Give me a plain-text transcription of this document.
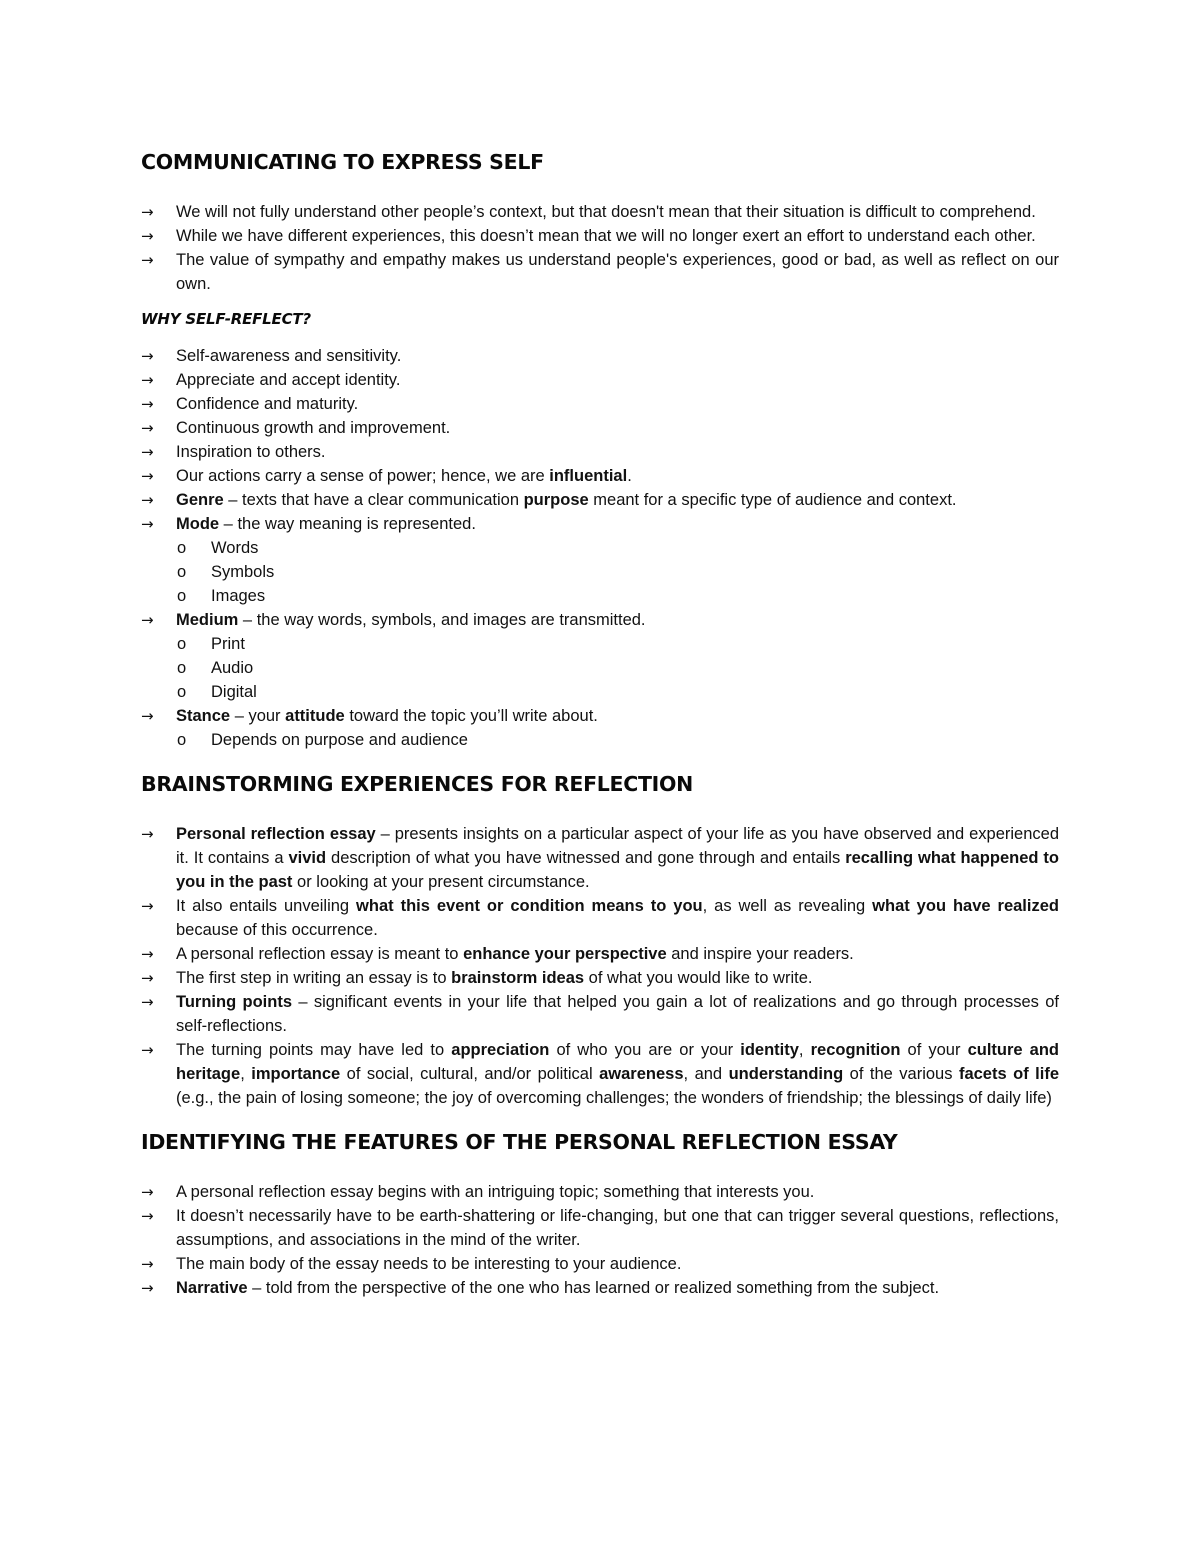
COMMUNICATING TO EXPRESS SELF
→	We will not fully understand other people’s context, but that doesn't mean that their situation is difficult to comprehend.
→	While we have different experiences, this doesn’t mean that we will no longer exert an effort to understand each other.
→	The value of sympathy and empathy makes us understand people's experiences, good or bad, as well as reflect on our own.
WHY SELF-REFLECT?
→	Self-awareness and sensitivity.
→	Appreciate and accept identity.
→	Confidence and maturity.
→	Continuous growth and improvement.
→	Inspiration to others.
→	Our actions carry a sense of power; hence, we are influential.
→	Genre – texts that have a clear communication purpose meant for a specific type of audience and context.
→	Mode – the way meaning is represented.
o Words
o Symbols
o Images
→	Medium – the way words, symbols, and images are transmitted.
o Print
o Audio
o Digital
→	Stance – your attitude toward the topic you’ll write about.
o Depends on purpose and audience
BRAINSTORMING EXPERIENCES FOR REFLECTION
→	Personal reflection essay – presents insights on a particular aspect of your life as you have observed and experienced it. It contains a vivid description of what you have witnessed and gone through and entails recalling what happened to you in the past or looking at your present circumstance.
→	It also entails unveiling what this event or condition means to you, as well as revealing what you have realized because of this occurrence.
→	A personal reflection essay is meant to enhance your perspective and inspire your readers.
→	The first step in writing an essay is to brainstorm ideas of what you would like to write.
→	Turning points – significant events in your life that helped you gain a lot of realizations and go through processes of self-reflections.
→	The turning points may have led to appreciation of who you are or your identity, recognition of your culture and heritage, importance of social, cultural, and/or political awareness, and understanding of the various facets of life (e.g., the pain of losing someone; the joy of overcoming challenges; the wonders of friendship; the blessings of daily life)
IDENTIFYING THE FEATURES OF THE PERSONAL REFLECTION ESSAY
→	A personal reflection essay begins with an intriguing topic; something that interests you.
→	It doesn’t necessarily have to be earth-shattering or life-changing, but one that can trigger several questions, reflections, assumptions, and associations in the mind of the writer.
→	The main body of the essay needs to be interesting to your audience.
→	Narrative – told from the perspective of the one who has learned or realized something from the subject.
